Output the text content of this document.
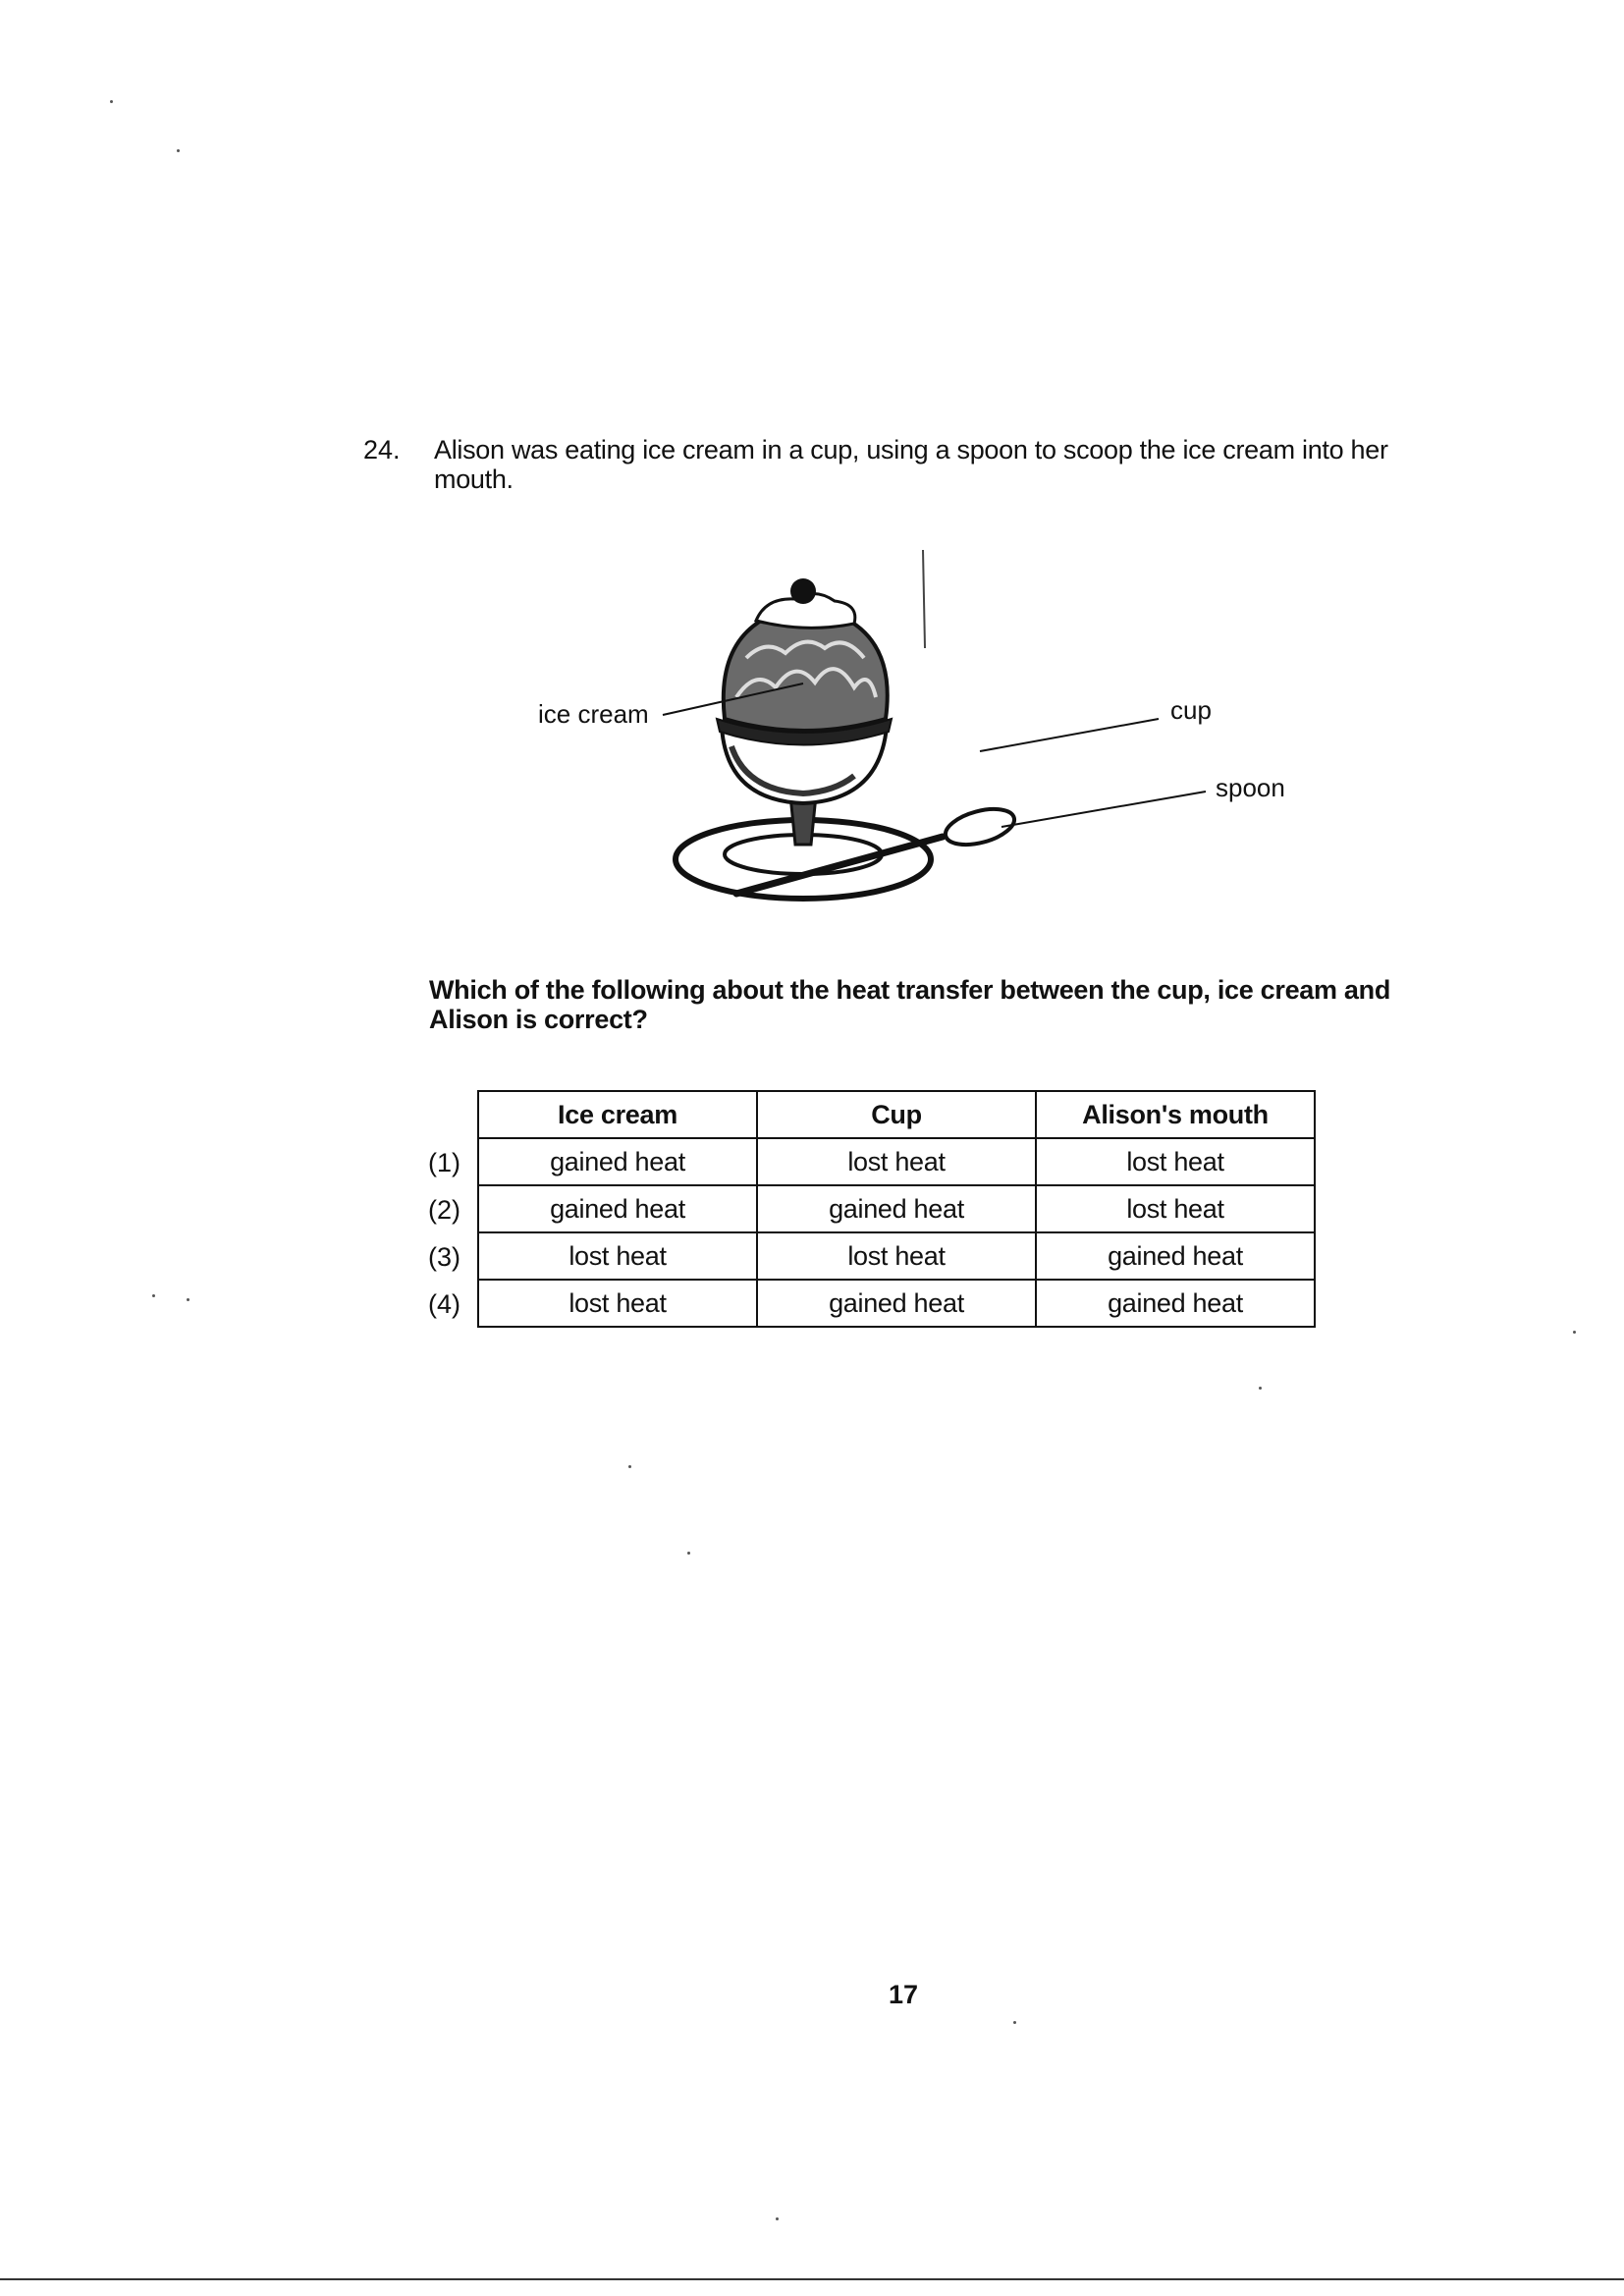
24. Alison was eating ice cream in a cup, using a spoon to scoop the ice cream into her mouth.
ice cream	cup
spoon
Which of the following about the heat transfer between the cup, ice cream and Alison is correct?
Ice cream	Cup	Alison's mouth
(1)	gained heat	lost heat	lost heat
(2)	gained heat	gained heat	lost heat
(3)	lost heat	lost heat	gained heat
(4)	lost heat	gained heat	gained heat
17
